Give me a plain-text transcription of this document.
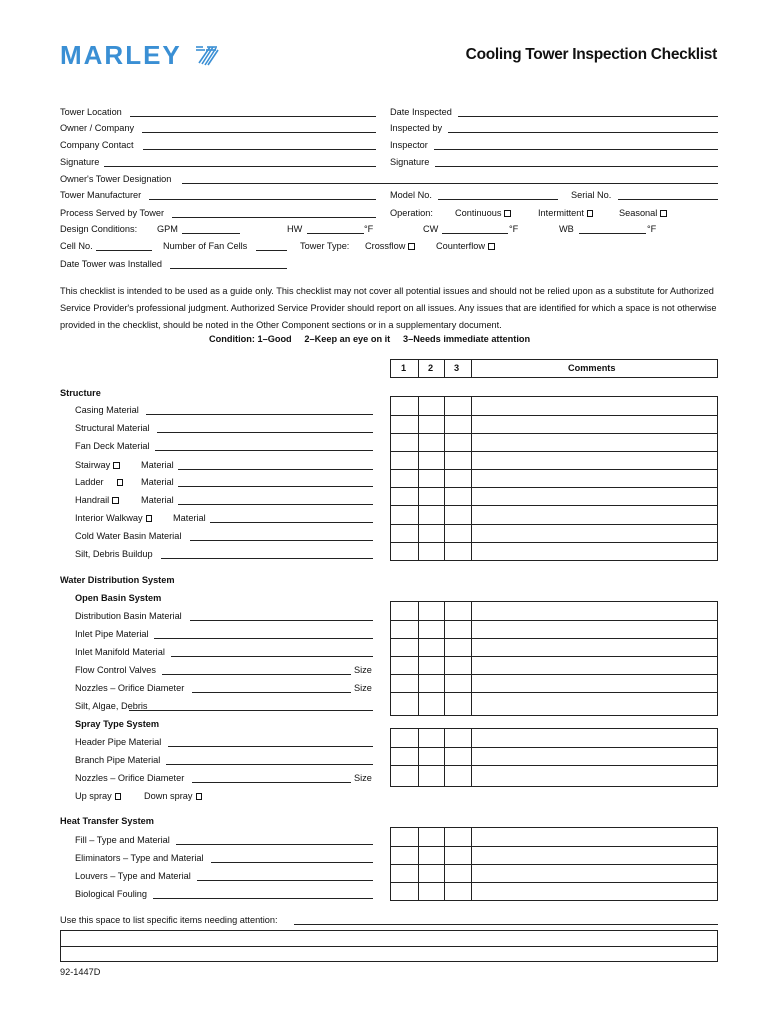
MARLEY	Cooling Tower Inspection Checklist
Tower Location	Date Inspected
Owner / Company	Inspected by
Company Contact	Inspector
Signature	Signature
Owner's Tower Designation
Tower Manufacturer	Model No.	Serial No.
Process Served by Tower	Operation: Continuous	Intermittent	Seasonal
Design Conditions: GPM	HW	°F	CW	°F	WB	°F
Cell No.	Number of Fan Cells	Tower Type: Crossflow	Counterflow
Date Tower was Installed
This checklist is intended to be used as a guide only. This checklist may not cover all potential issues and should not be relied upon as a substitute for Authorized Service Provider's professional judgment. Authorized Service Provider should report on all issues. Any issues that are identified for which a space is not otherwise provided in the checklist, should be noted in the Other Component sections or in a supplementary document.
Condition: 1–Good     2–Keep an eye on it     3–Needs immediate attention
1 2 3	Comments
Structure
Casing Material
Structural Material
Fan Deck Material
Stairway	Material
Ladder	Material
Handrail	Material
Interior Walkway	Material
Cold Water Basin Material
Silt, Debris Buildup
Water Distribution System
Open Basin System
Distribution Basin Material
Inlet Pipe Material
Inlet Manifold Material
Flow Control Valves	Size
Nozzles – Orifice Diameter	Size
Silt, Algae, Debris
Spray Type System
Header Pipe Material
Branch Pipe Material
Nozzles – Orifice Diameter	Size
Up spray	Down spray
Heat Transfer System
Fill – Type and Material
Eliminators – Type and Material
Louvers – Type and Material
Biological Fouling
Use this space to list specific items needing attention:
92-1447D
